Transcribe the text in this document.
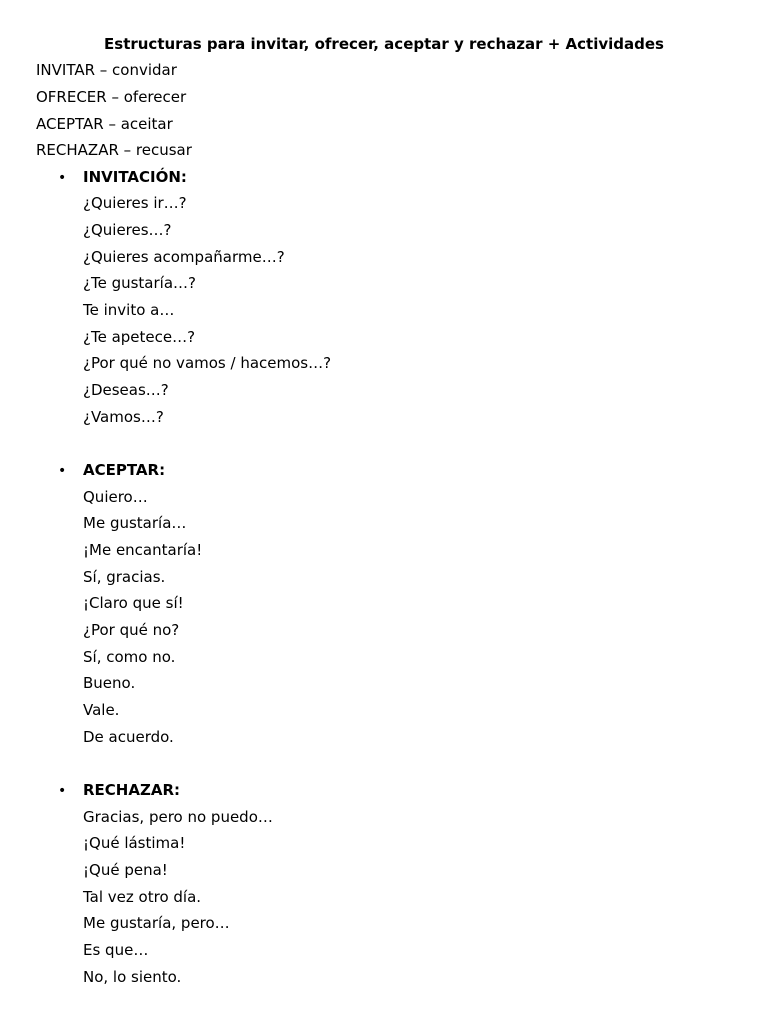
Estructuras para invitar, ofrecer, aceptar y rechazar + Actividades
INVITAR – convidar
OFRECER – oferecer
ACEPTAR – aceitar
RECHAZAR – recusar
• INVITACIÓN:
¿Quieres ir…?
¿Quieres…?
¿Quieres acompañarme…?
¿Te gustaría…?
Te invito a…
¿Te apetece…?
¿Por qué no vamos / hacemos…?
¿Deseas…?
¿Vamos…?
• ACEPTAR:
Quiero…
Me gustaría…
¡Me encantaría!
Sí, gracias.
¡Claro que sí!
¿Por qué no?
Sí, como no.
Bueno.
Vale.
De acuerdo.
• RECHAZAR:
Gracias, pero no puedo…
¡Qué lástima!
¡Qué pena!
Tal vez otro día.
Me gustaría, pero…
Es que…
No, lo siento.
